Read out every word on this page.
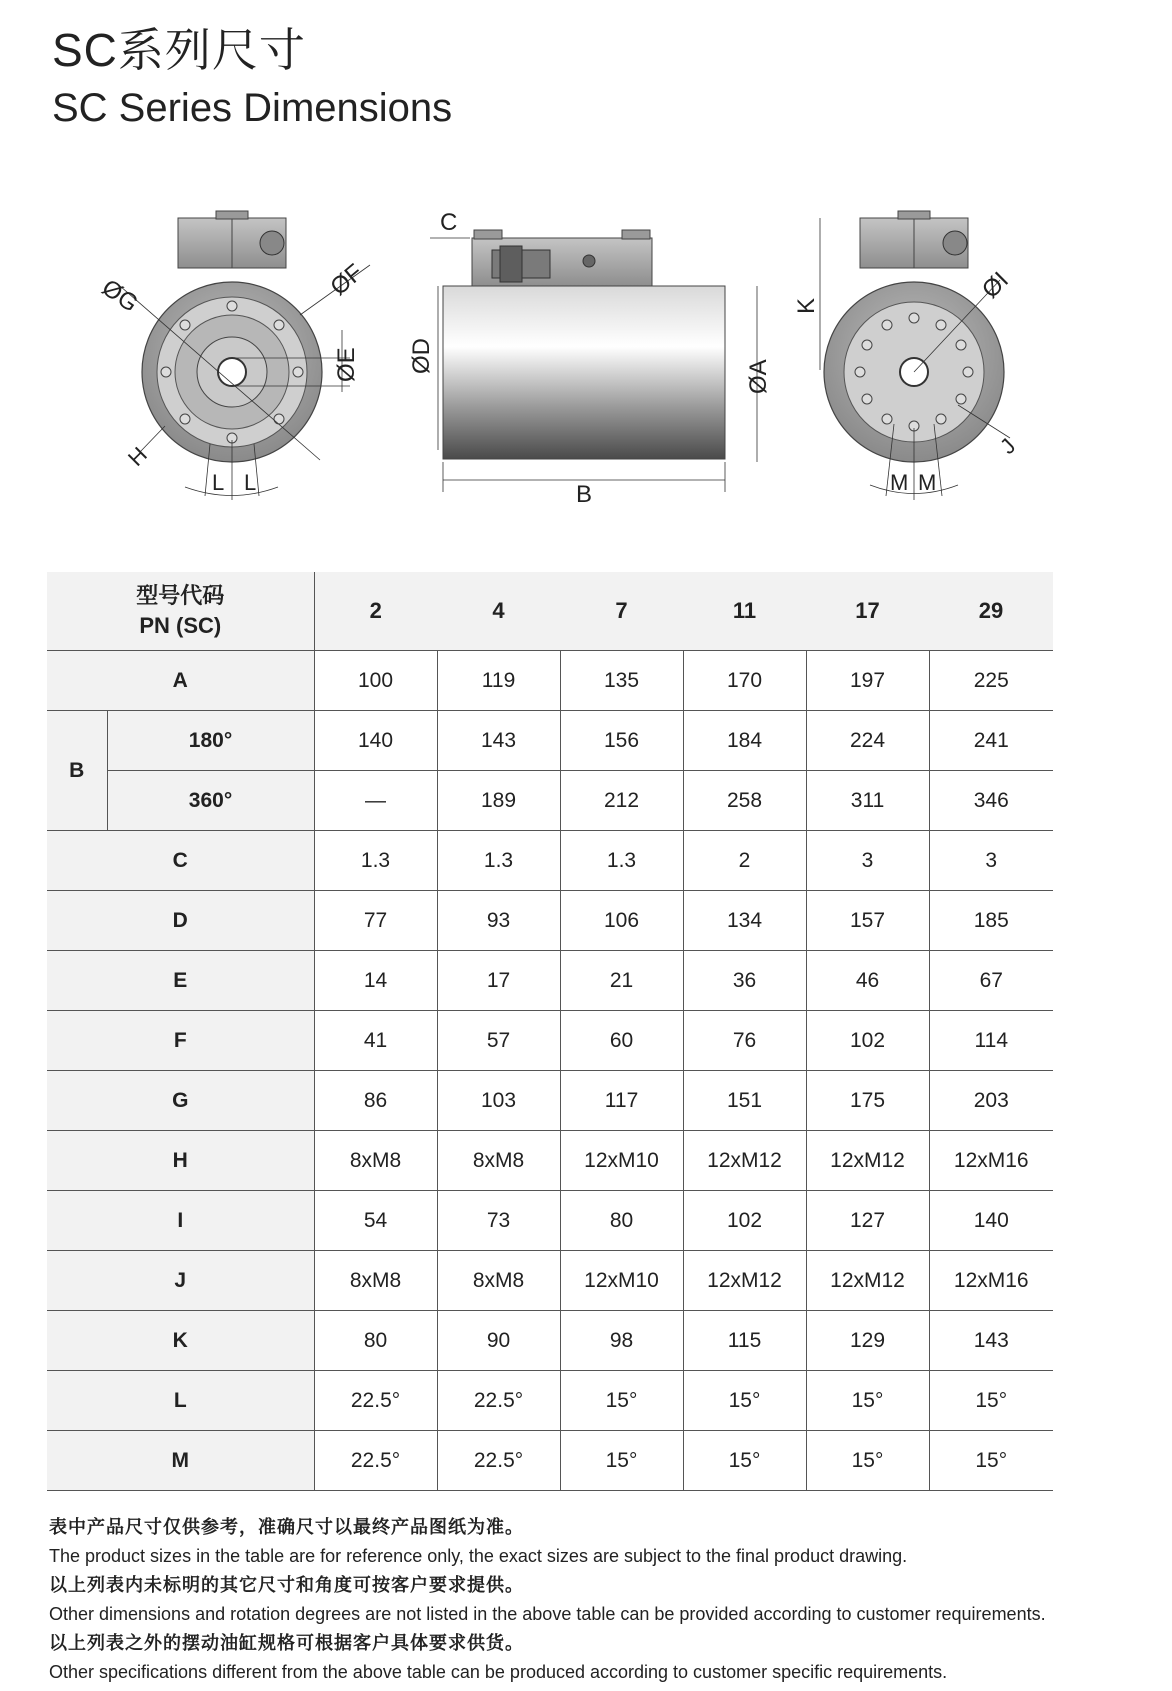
SC系列尺寸
SC Series Dimensions
ØG	ØF
ØE
H
L L
ØD
ØA
B
C
K
ØI
J
M M
型号代码
PN (SC)		2	4	7	11	17	29
A		100	119	135	170	197	225
B	180°	140	143	156	184	224	241
	360°	—	189	212	258	311	346
C		1.3	1.3	1.3	2	3	3
D		77	93	106	134	157	185
E		14	17	21	36	46	67
F		41	57	60	76	102	114
G		86	103	117	151	175	203
H		8xM8	8xM8	12xM10	12xM12	12xM12	12xM16
I		54	73	80	102	127	140
J		8xM8	8xM8	12xM10	12xM12	12xM12	12xM16
K		80	90	98	115	129	143
L		22.5°	22.5°	15°	15°	15°	15°
M		22.5°	22.5°	15°	15°	15°	15°
表中产品尺寸仅供参考，准确尺寸以最终产品图纸为准。
The product sizes in the table are for reference only, the exact sizes are subject to the final product drawing.
以上列表内未标明的其它尺寸和角度可按客户要求提供。
Other dimensions and rotation degrees are not listed in the above table can be provided according to customer requirements.
以上列表之外的摆动油缸规格可根据客户具体要求供货。
Other specifications different from the above table can be produced according to customer specific requirements.
